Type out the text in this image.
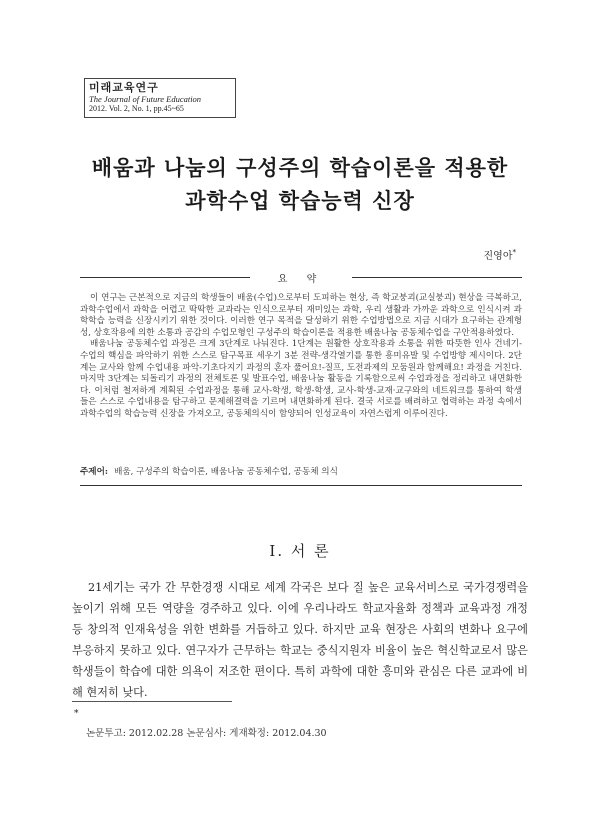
미래교육연구
The Journal of Future Education
2012. Vol. 2, No. 1, pp.45~65
배움과 나눔의 구성주의 학습이론을 적용한
과학수업 학습능력 신장
진영아*
요 약

이 연구는 근본적으로 지금의 학생들이 배움(수업)으로부터 도피하는 현상, 즉 학교붕괴(교실붕괴) 현상을 극복하고, 과학수업에서 과학을 어렵고 딱딱한 교과라는 인식으로부터 재미있는 과학, 우리 생활과 가까운 과학으로 인식시켜 과학학습 능력을 신장시키기 위한 것이다. 이러한 연구 목적을 달성하기 위한 수업방법으로 지금 시대가 요구하는 관계형성, 상호작용에 의한 소통과 공감의 수업모형인 구성주의 학습이론을 적용한 배움나눔 공동체수업을 구안적용하였다.

배움나눔 공동체수업 과정은 크게 3단계로 나눠진다. 1단계는 원활한 상호작용과 소통을 위한 따뜻한 인사 건네기-수업의 핵심을 파악하기 위한 스스로 탐구목표 세우기 3분 전략-생각열기를 통한 흥미유발 및 수업방향 제시이다. 2단계는 교사와 함께 수업내용 파악-기초다지기 과정의 혼자 풀어요!-질프, 도전과제의 모둠원과 함께해요! 과정을 거친다. 마지막 3단계는 되돌리기 과정의 전체토론 및 발표수업, 배움나눔 활동을 기록함으로써 수업과정을 정리하고 내면화한다. 이처럼 철저하게 계획된 수업과정을 통해 교사-학생, 학생-학생, 교사-학생-교재·교구와의 네트워크를 통하여 학생들은 스스로 수업내용을 탐구하고 문제해결력을 기르며 내면화하게 된다. 결국 서로를 배려하고 협력하는 과정 속에서 과학수업의 학습능력 신장을 가져오고, 공동체의식이 함양되어 인성교육이 자연스럽게 이루어진다.

주제어: 배움, 구성주의 학습이론, 배움나눔 공동체수업, 공동체 의식
I. 서 론

21세기는 국가 간 무한경쟁 시대로 세계 각국은 보다 질 높은 교육서비스로 국가경쟁력을 높이기 위해 모든 역량을 경주하고 있다. 이에 우리나라도 학교자율화 정책과 교육과정 개정 등 창의적 인재육성을 위한 변화를 거듭하고 있다. 하지만 교육 현장은 사회의 변화나 요구에 부응하지 못하고 있다. 연구자가 근무하는 학교는 중식지원자 비율이 높은 혁신학교로서 많은 학생들이 학습에 대한 의욕이 저조한 편이다. 특히 과학에 대한 흥미와 관심은 다른 교과에 비해 현저히 낮다.

*
논문투고: 2012.02.28 논문심사: 게재확정: 2012.04.30
